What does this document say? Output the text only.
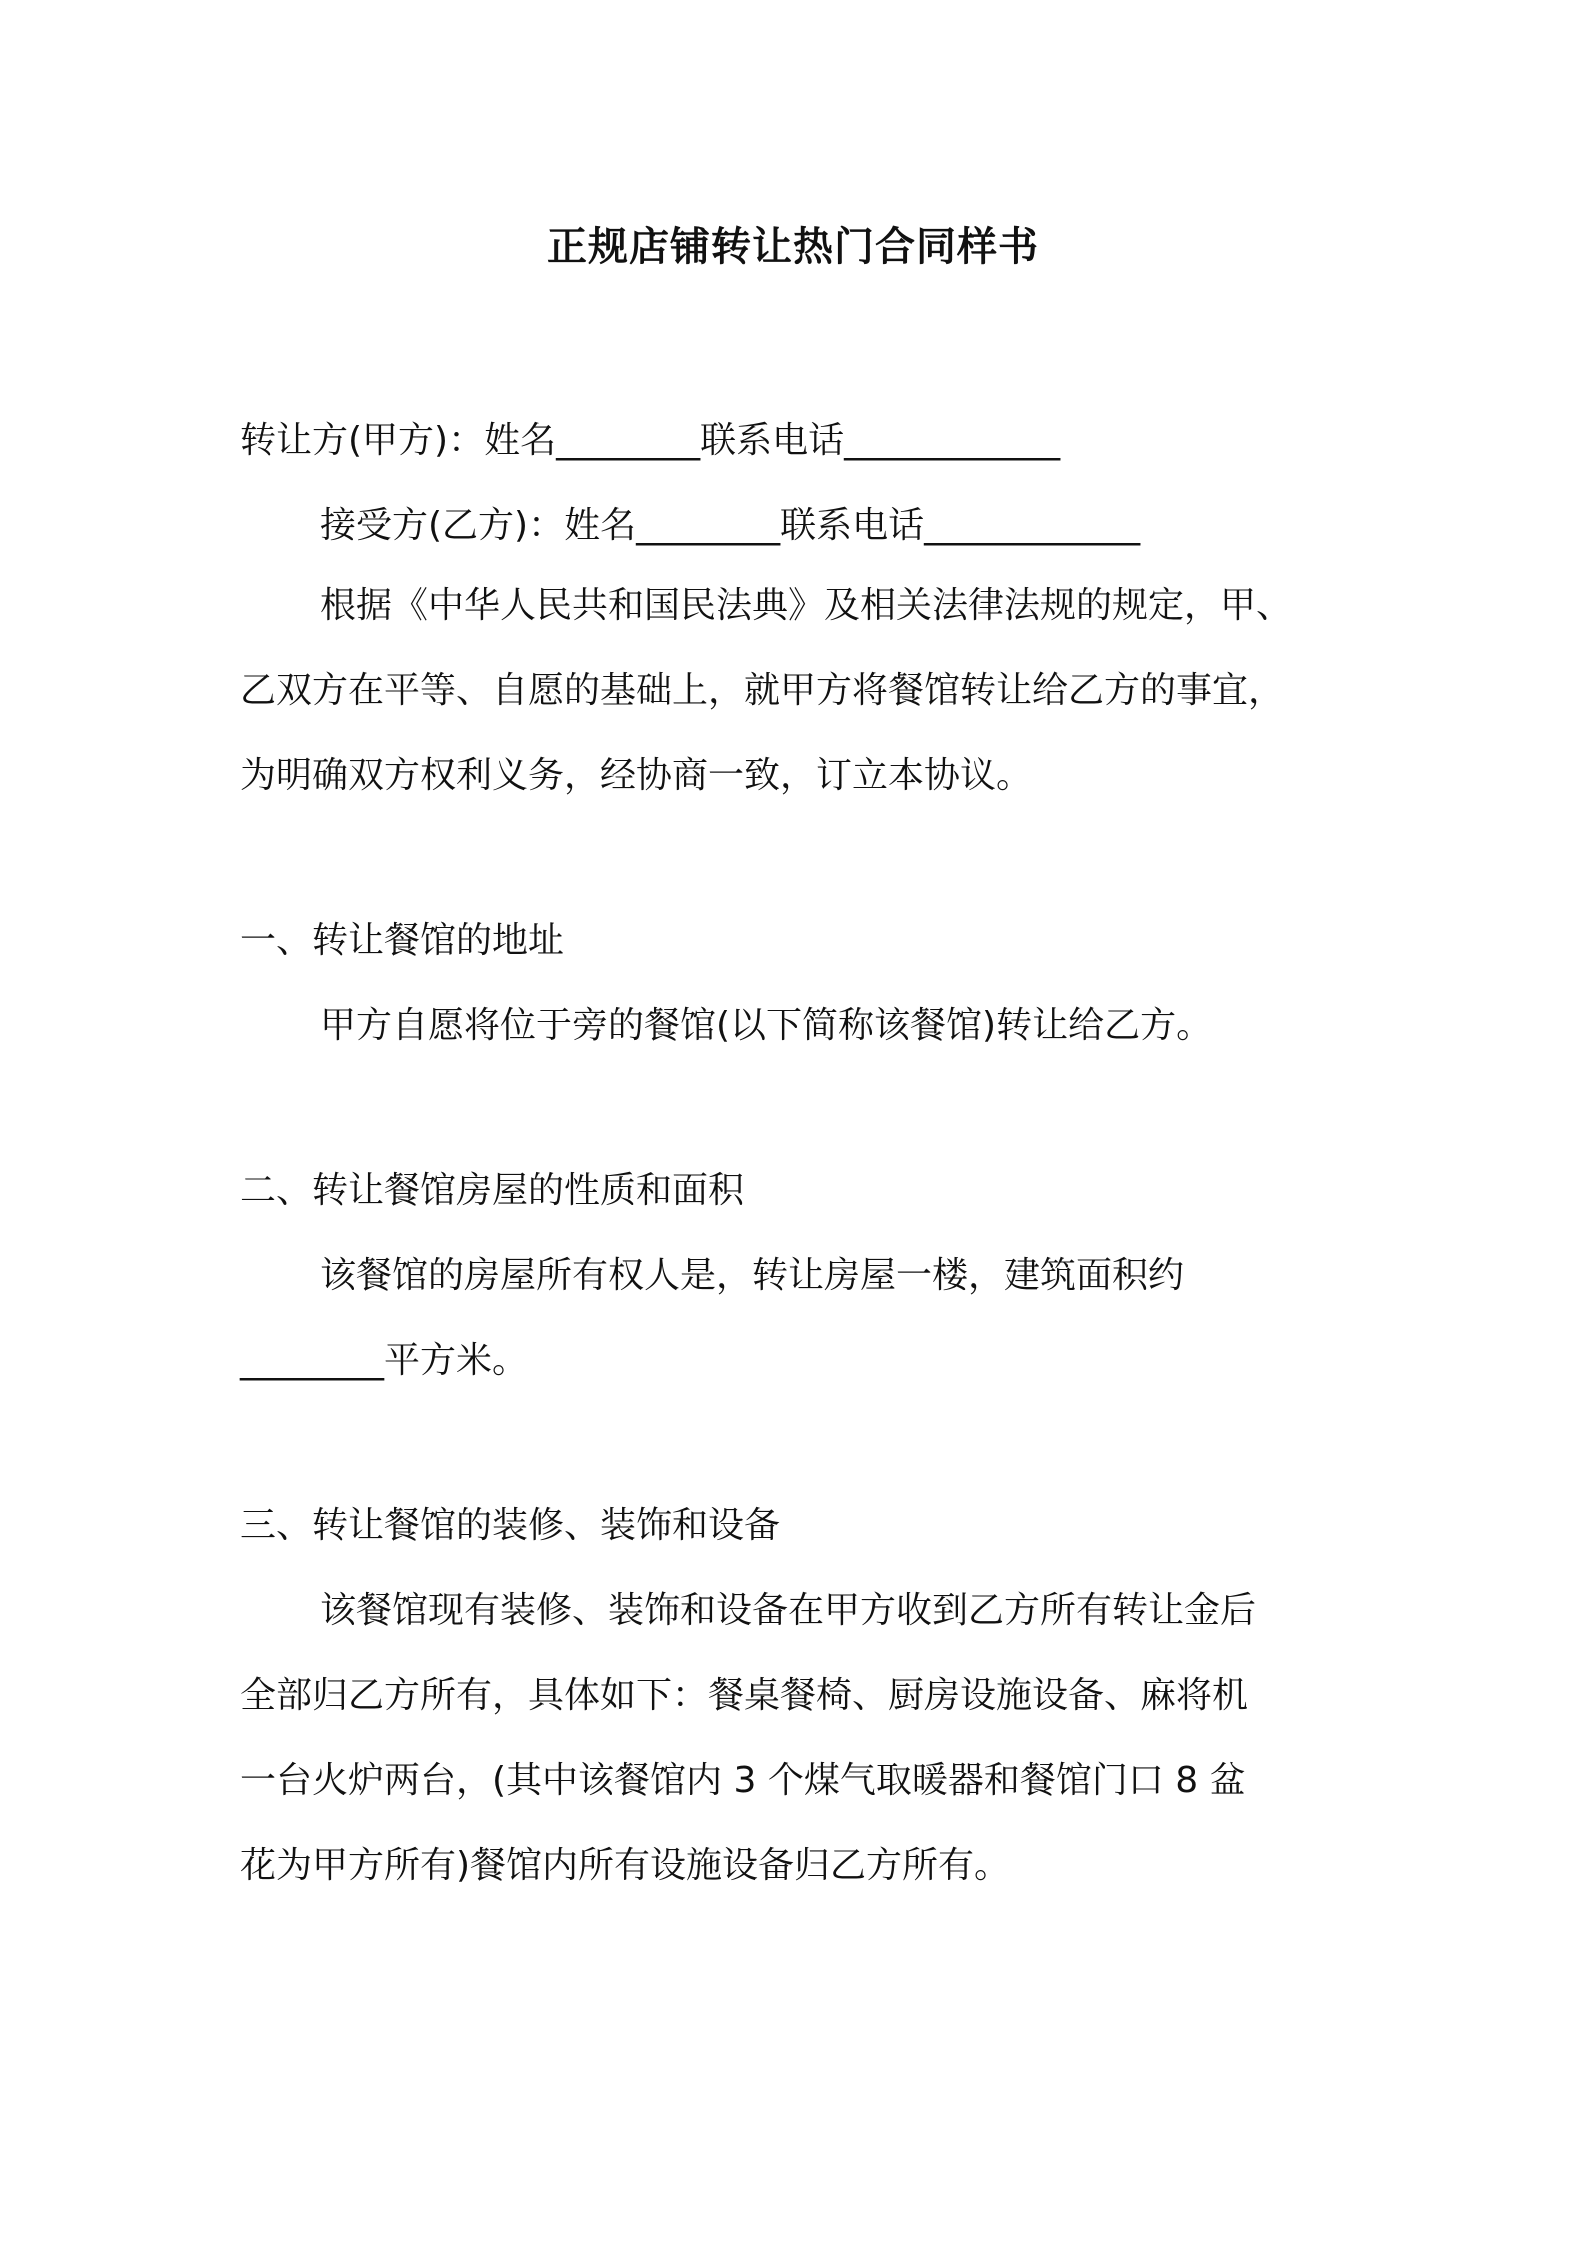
正规店铺转让热门合同样书
转让方(甲方)：姓名________联系电话____________
接受方(乙方)：姓名________联系电话____________
根据《中华人民共和国民法典》及相关法律法规的规定，甲、
乙双方在平等、自愿的基础上，就甲方将餐馆转让给乙方的事宜，
为明确双方权利义务，经协商一致，订立本协议。
一、转让餐馆的地址
甲方自愿将位于旁的餐馆(以下简称该餐馆)转让给乙方。
二、转让餐馆房屋的性质和面积
该餐馆的房屋所有权人是，转让房屋一楼，建筑面积约
________平方米。
三、转让餐馆的装修、装饰和设备
该餐馆现有装修、装饰和设备在甲方收到乙方所有转让金后
全部归乙方所有，具体如下：餐桌餐椅、厨房设施设备、麻将机
一台火炉两台，(其中该餐馆内 3 个煤气取暖器和餐馆门口 8 盆
花为甲方所有)餐馆内所有设施设备归乙方所有。
